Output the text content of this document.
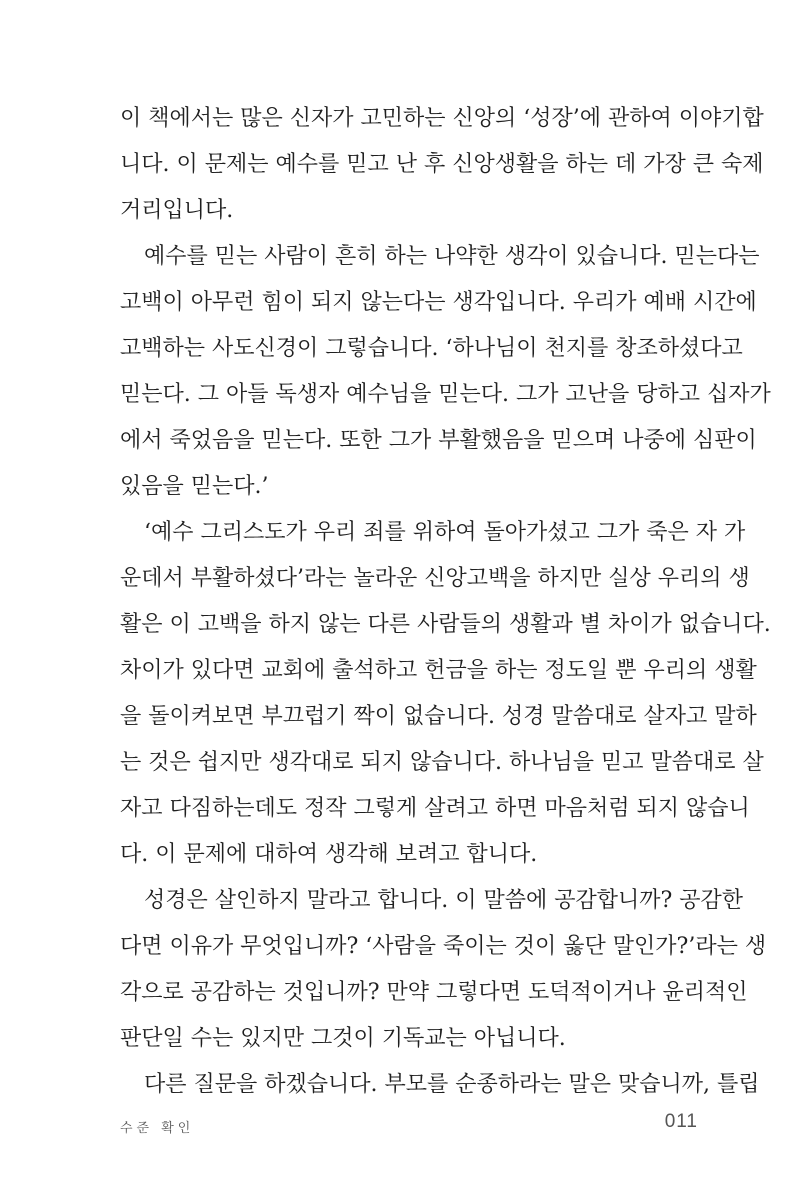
이 책에서는 많은 신자가 고민하는 신앙의 ‘성장’에 관하여 이야기합
니다. 이 문제는 예수를 믿고 난 후 신앙생활을 하는 데 가장 큰 숙제
거리입니다.
예수를 믿는 사람이 흔히 하는 나약한 생각이 있습니다. 믿는다는
고백이 아무런 힘이 되지 않는다는 생각입니다. 우리가 예배 시간에
고백하는 사도신경이 그렇습니다. ‘하나님이 천지를 창조하셨다고
믿는다. 그 아들 독생자 예수님을 믿는다. 그가 고난을 당하고 십자가
에서 죽었음을 믿는다. 또한 그가 부활했음을 믿으며 나중에 심판이
있음을 믿는다.’
‘예수 그리스도가 우리 죄를 위하여 돌아가셨고 그가 죽은 자 가
운데서 부활하셨다’라는 놀라운 신앙고백을 하지만 실상 우리의 생
활은 이 고백을 하지 않는 다른 사람들의 생활과 별 차이가 없습니다.
차이가 있다면 교회에 출석하고 헌금을 하는 정도일 뿐 우리의 생활
을 돌이켜보면 부끄럽기 짝이 없습니다. 성경 말씀대로 살자고 말하
는 것은 쉽지만 생각대로 되지 않습니다. 하나님을 믿고 말씀대로 살
자고 다짐하는데도 정작 그렇게 살려고 하면 마음처럼 되지 않습니
다. 이 문제에 대하여 생각해 보려고 합니다.
성경은 살인하지 말라고 합니다. 이 말씀에 공감합니까? 공감한
다면 이유가 무엇입니까? ‘사람을 죽이는 것이 옳단 말인가?’라는 생
각으로 공감하는 것입니까? 만약 그렇다면 도덕적이거나 윤리적인
판단일 수는 있지만 그것이 기독교는 아닙니다.
다른 질문을 하겠습니다. 부모를 순종하라는 말은 맞습니까, 틀립
수준 확인	011
